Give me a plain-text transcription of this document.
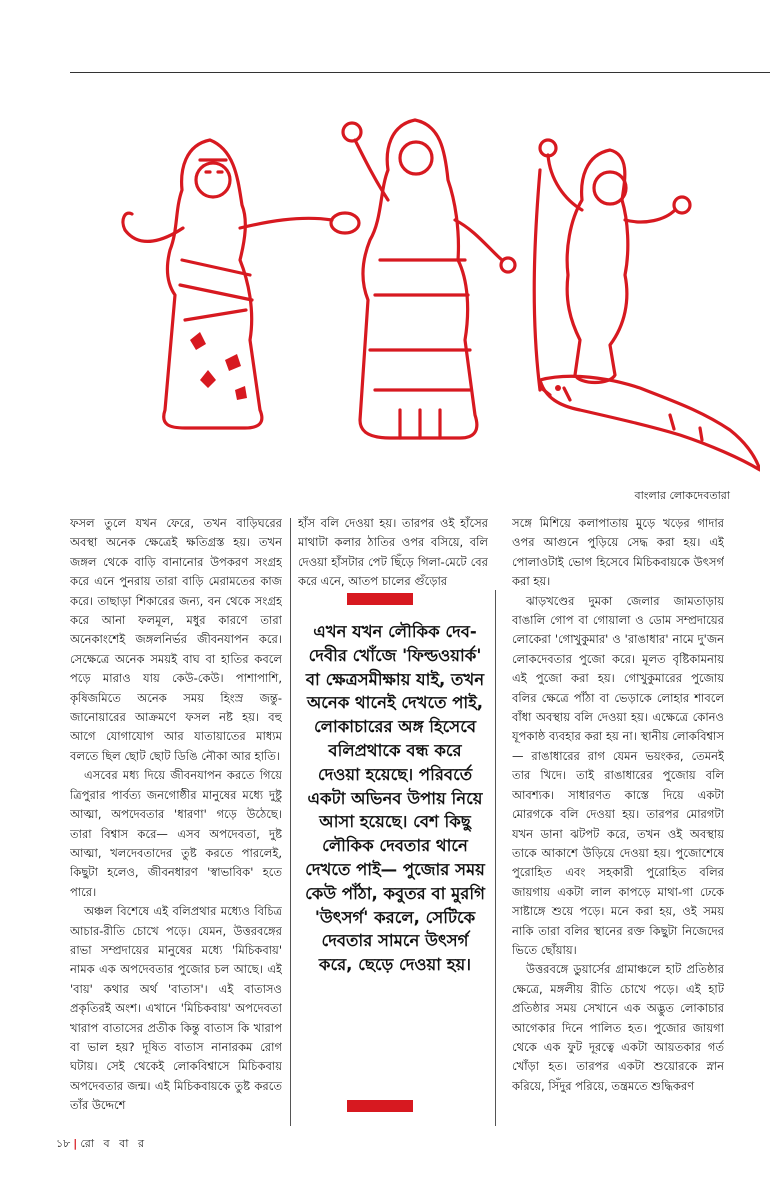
বাংলার লোকদেবতারা

ফসল তুলে যখন ফেরে, তখন বাড়িঘরের অবস্থা অনেক ক্ষেত্রেই ক্ষতিগ্রস্ত হয়। তখন জঙ্গল থেকে বাড়ি বানানোর উপকরণ সংগ্রহ করে এনে পুনরায় তারা বাড়ি মেরামতের কাজ করে। তাছাড়া শিকারের জন্য, বন থেকে সংগ্রহ করে আনা ফলমূল, মধুর কারণে তারা অনেকাংশেই জঙ্গলনির্ভর জীবনযাপন করে। সেক্ষেত্রে অনেক সময়ই বাঘ বা হাতির কবলে পড়ে মারাও যায় কেউ-কেউ। পাশাপাশি, কৃষিজমিতে অনেক সময় হিংস্র জন্তু-জানোয়ারের আক্রমণে ফসল নষ্ট হয়। বহু আগে যোগাযোগ আর যাতায়াতের মাধ্যম বলতে ছিল ছোট ছোট ডিঙি নৌকা আর হাতি।

এসবের মধ্য দিয়ে জীবনযাপন করতে গিয়ে ত্রিপুরার পার্বত্য জনগোষ্ঠীর মানুষের মধ্যে দুষ্টু আত্মা, অপদেবতার 'ধারণা' গড়ে উঠেছে। তারা বিশ্বাস করে— এসব অপদেবতা, দুষ্ট আত্মা, খলদেবতাদের তুষ্ট করতে পারলেই, কিছুটা হলেও, জীবনধারণ 'স্বাভাবিক' হতে পারে।

অঞ্চল বিশেষে এই বলিপ্রথার মধ্যেও বিচিত্র আচার-রীতি চোখে পড়ে। যেমন, উত্তরবঙ্গের রাভা সম্প্রদায়ের মানুষের মধ্যে 'মিচিকবায়' নামক এক অপদেবতার পুজোর চল আছে। এই 'বায়' কথার অর্থ 'বাতাস'। এই বাতাসও প্রকৃতিরই অংশ। এখানে 'মিচিকবায়' অপদেবতা খারাপ বাতাসের প্রতীক কিন্তু বাতাস কি খারাপ বা ভাল হয়? দূষিত বাতাস নানারকম রোগ ঘটায়। সেই থেকেই লোকবিশ্বাসে মিচিকবায় অপদেবতার জন্ম। এই মিচিকবায়কে তুষ্ট করতে তাঁর উদ্দেশে

হাঁস বলি দেওয়া হয়। তারপর ওই হাঁসের মাথাটা কলার ঠাতির ওপর বসিয়ে, বলি দেওয়া হাঁসটার পেট ছিঁড়ে গিলা-মেটে বের করে এনে, আতপ চালের গুঁড়োর

এখন যখন লৌকিক দেব-দেবীর খোঁজে 'ফিল্ডওয়ার্ক' বা ক্ষেত্রসমীক্ষায় যাই, তখন অনেক থানেই দেখতে পাই, লোকাচারের অঙ্গ হিসেবে বলিপ্রথাকে বন্ধ করে দেওয়া হয়েছে। পরিবর্তে একটা অভিনব উপায় নিয়ে আসা হয়েছে। বেশ কিছু লৌকিক দেবতার থানে দেখতে পাই— পুজোর সময় কেউ পাঁঠা, কবুতর বা মুরগি 'উৎসর্গ' করলে, সেটিকে দেবতার সামনে উৎসর্গ করে, ছেড়ে দেওয়া হয়।

সঙ্গে মিশিয়ে কলাপাতায় মুড়ে খড়ের গাদার ওপর আগুনে পুড়িয়ে সেদ্ধ করা হয়। এই পোলাওটাই ভোগ হিসেবে মিচিকবায়কে উৎসর্গ করা হয়।

ঝাড়খণ্ডের দুমকা জেলার জামতাড়ায় বাঙালি গোপ বা গোয়ালা ও ডোম সম্প্রদায়ের লোকেরা 'গোখুকুমার' ও 'রাঙাধার' নামে দু'জন লোকদেবতার পুজো করে। মূলত বৃষ্টিকামনায় এই পুজো করা হয়। গোখুকুমারের পুজোয় বলির ক্ষেত্রে পাঁঠা বা ভেড়াকে লোহার শাবলে বাঁধা অবস্থায় বলি দেওয়া হয়। এক্ষেত্রে কোনও যূপকাষ্ঠ ব্যবহার করা হয় না। স্থানীয় লোকবিশ্বাস— রাঙাধারের রাগ যেমন ভয়ংকর, তেমনই তার খিদে। তাই রাঙাধারের পুজোয় বলি আবশ্যক। সাধারণত কাস্তে দিয়ে একটা মোরগকে বলি দেওয়া হয়। তারপর মোরগটা যখন ডানা ঝটপট করে, তখন ওই অবস্থায় তাকে আকাশে উড়িয়ে দেওয়া হয়। পুজোশেষে পুরোহিত এবং সহকারী পুরোহিত বলির জায়গায় একটা লাল কাপড়ে মাথা-গা ঢেকে সাষ্টাঙ্গে শুয়ে পড়ে। মনে করা হয়, ওই সময় নাকি তারা বলির স্থানের রক্ত কিছুটা নিজেদের ভিতে ছোঁয়ায়।

উত্তরবঙ্গে ডুয়ার্সের গ্রামাঞ্চলে হাট প্রতিষ্ঠার ক্ষেত্রে, মঙ্গলীয় রীতি চোখে পড়ে। এই হাট প্রতিষ্ঠার সময় সেখানে এক অদ্ভুত লোকাচার আগেকার দিনে পালিত হত। পুজোর জায়গা থেকে এক ফুট দূরত্বে একটা আয়তকার গর্ত খোঁড়া হত। তারপর একটা শুয়োরকে স্নান করিয়ে, সিঁদুর পরিয়ে, তন্ত্রমতে শুদ্ধিকরণ

১৮ | রো ব বা র
